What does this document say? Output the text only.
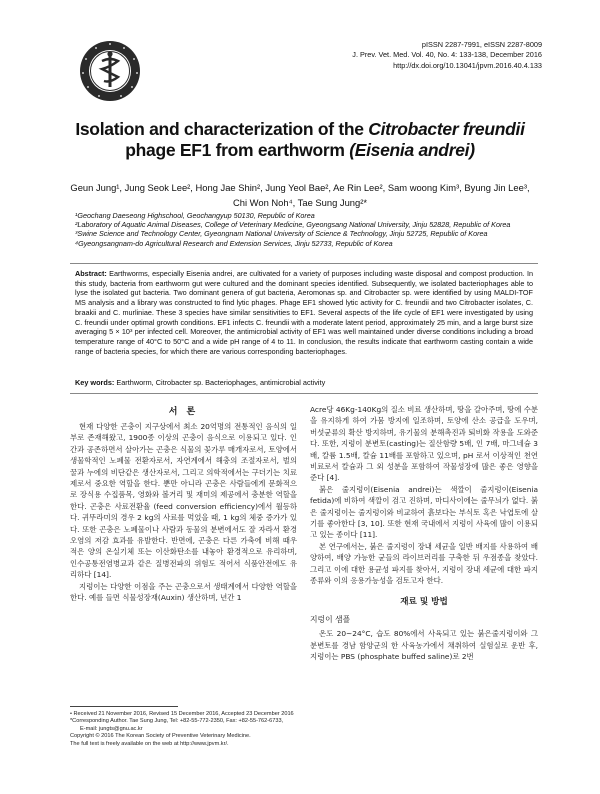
pISSN 2287-7991, eISSN 2287-8009
J. Prev. Vet. Med. Vol. 40, No. 4: 133-138, December 2016
http://dx.doi.org/10.13041/jpvm.2016.40.4.133
Isolation and characterization of the Citrobacter freundii
phage EF1 from earthworm (Eisenia andrei)
Geun Jung¹, Jung Seok Lee², Hong Jae Shin², Jung Yeol Bae², Ae Rin Lee², Sam woong Kim³, Byung Jin Lee³,
Chi Won Noh⁴, Tae Sung Jung²*
¹Geochang Daeseong Highschool, Geochangyup 50130, Republic of Korea
²Laboratory of Aquatic Animal Diseases, College of Veterinary Medicine, Gyeongsang National University, Jinju 52828, Republic of Korea
³Swine Science and Technology Center, Gyeongnam National University of Science & Technology, Jinju 52725, Republic of Korea
⁴Gyeongsangnam-do Agricultural Research and Extension Services, Jinju 52733, Republic of Korea
Abstract: Earthworms, especially Eisenia andrei, are cultivated for a variety of purposes including waste disposal and compost production. In this study, bacteria from earthworm gut were cultured and the dominant species identified. Subsequently, we isolated bacteriophages able to lyse the isolated gut bacteria. Two dominant genera of gut bacteria, Aeromonas sp. and Citrobacter sp. were identified by using MALDI-TOF MS analysis and a library was constructed to find lytic phages. Phage EF1 showed lytic activity for C. freundii and two Citrobacter isolates, C. braakii and C. murliniae. These 3 species have similar sensitivities to EF1. Several aspects of the life cycle of EF1 were investigated by using C. freundii under optimal growth conditions. EF1 infects C. freundii with a moderate latent period, approximately 25 min, and a large burst size averaging 5 × 10³ per infected cell. Moreover, the antimicrobial activity of EF1 was well maintained under diverse conditions including a broad temperature range of 40°C to 50°C and a wide pH range of 4 to 11. In conclusion, the results indicate that earthworm casting contain a wide range of bacteria species, for which there are various corresponding bacteriophages.
Key words: Earthworm, Citrobacter sp. Bacteriophages, antimicrobial activity
서 론

현재 다양한 곤충이 지구상에서 최소 20억명의 전통적인 음식의 일부로 존재해왔고, 1900종 이상의 곤충이 음식으로 이용되고 있다. 인간과 공존하면서 살아가는 곤충은 식물의 꽃가루 매개자로서, 토양에서 생물학적인 노폐물 전환자로서, 자연계에서 해충의 조절자로서, 벌의 꿀과 누에의 비단같은 생산자로서, 그리고 의학적에서는 구더기는 치료제로서 중요한 역할을 한다. 뿐만 아니라 곤충은 사람들에게 문화적으로 장식용 수집품목, 영화와 볼거리 및 재미의 제공에서 충분한 역할을 한다. 곤충은 사료전환율 (feed conversion efficiency)에서 월등하다. 귀뚜라미의 경우 2 kg의 사료를 먹었을 때, 1 kg의 체중 증가가 있다. 또한 곤충은 노폐물이나 사람과 동물의 분변에서도 잘 자라서 환경오염의 저감 효과를 유발한다. 반면에, 곤충은 다른 가축에 비해 때우 적은 양의 온실기체 또는 이산화탄소를 내놓아 환경적으로 유리하며, 인수공통전염병교과 같은 질병전파의 위험도 적어서 식품안전에도 유리하다 [14].

지렁이는 다양한 이점을 주는 곤충으로서 생태계에서 다양한 역할을 한다. 예를 들면 식물성장재(Auxin) 생산하며, 년간 1

Acre당 46Kg-140Kg의 질소 비료 생산하며, 땅을 갈아주며, 땅에 수분을 유지하게 하여 가뭄 방지에 일조하며, 토양에 산소 공급을 도우며, 버섯균류의 확산 방지하며, 유기물의 분해촉진과 퇴비화 작용을 도와준다. 또한, 지렁이 분변토(casting)는 질산함량 5배, 인 7배, 마그네슘 3배, 칼륨 1.5배, 칼슘 11배를 포함하고 있으며, pH 로서 이상적인 천연비료로서 칼슘과 그 외 성분을 포함하여 작물성장에 많은 좋은 영향을 준다 [4].

붉은 줄지렁이(Eisenia andrei)는 색깔이 줄지렁이(Eisenia fetida)에 비하여 색깔이 검고 진하며, 마디사이에는 줄무늬가 없다. 붉은 줄지렁이는 줄지렁이와 비교하여 흙보다는 부식토 혹은 낙엽토에 살기를 좋아한다 [3, 10]. 또한 현재 국내에서 지렁이 사육에 많이 이용되고 있는 종이다 [11].

본 연구에서는, 붉은 줄지렁이 장내 세균을 일반 배지를 사용하여 배양하여, 배양 가능한 균들의 라이브러리를 구축한 뒤 우점종을 찾았다. 그리고 이에 대한 용균성 파지를 찾아서, 지렁이 장내 세균에 대한 파지 종류와 이의 응용가능성을 검토고자 한다.

재료 및 방법
지렁이 샘플

온도 20~24°C, 습도 80%에서 사육되고 있는 붉은줄지렁이와 그 분변토를 경남 함양군의 한 사육농가에서 채취하여 실험실로 운반 후, 지렁이는 PBS (phosphate buffed saline)로 2번

• Received 21 November 2016, Revised 15 December 2016, Accepted 23 December 2016
*Corresponding Author. Tae Sung Jung, Tel: +82-55-772-2350, Fax: +82-55-762-6733,
E-mail: jungts@gnu.ac.kr
Copyright © 2016 The Korean Society of Preventive Veterinary Medicine.
The full text is freely available on the web at http://www.jpvm.kr/.
